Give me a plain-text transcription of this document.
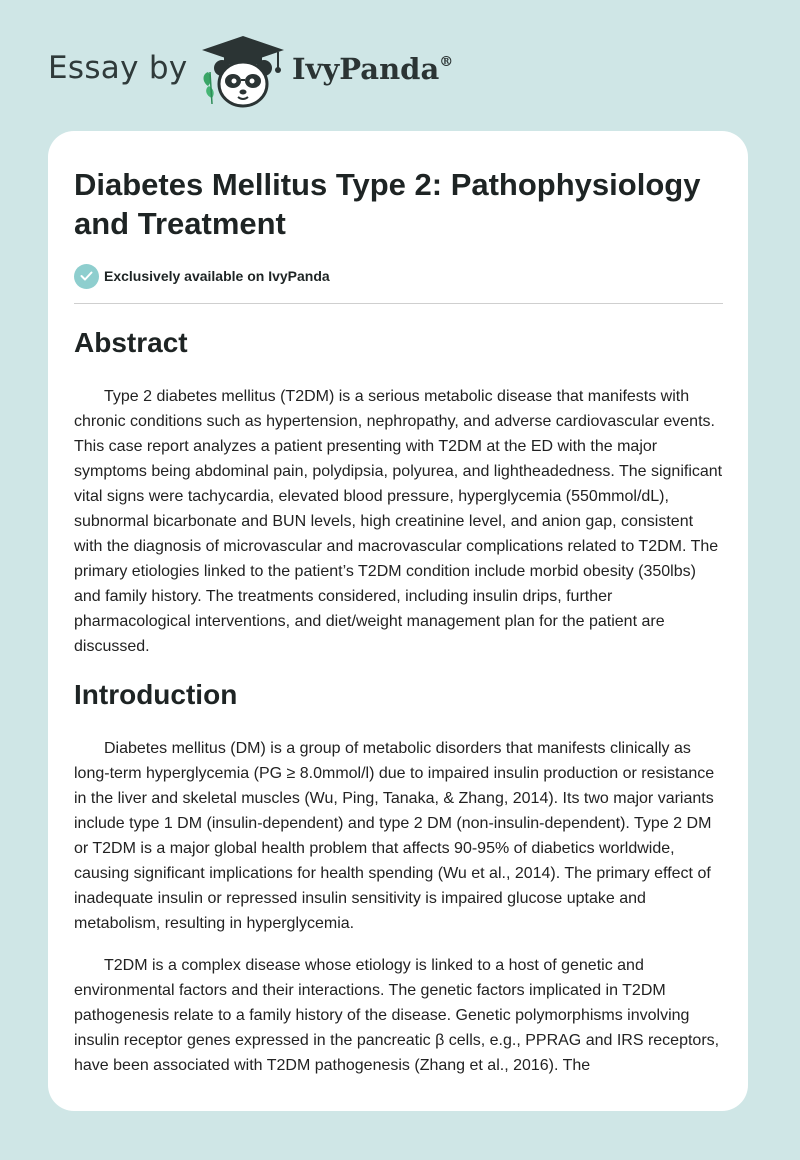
Essay by	IvyPanda®
Diabetes Mellitus Type 2: Pathophysiology and Treatment
Exclusively available on IvyPanda
Abstract

Type 2 diabetes mellitus (T2DM) is a serious metabolic disease that manifests with chronic conditions such as hypertension, nephropathy, and adverse cardiovascular events. This case report analyzes a patient presenting with T2DM at the ED with the major symptoms being abdominal pain, polydipsia, polyurea, and lightheadedness. The significant vital signs were tachycardia, elevated blood pressure, hyperglycemia (550mmol/dL), subnormal bicarbonate and BUN levels, high creatinine level, and anion gap, consistent with the diagnosis of microvascular and macrovascular complications related to T2DM. The primary etiologies linked to the patient’s T2DM condition include morbid obesity (350lbs) and family history. The treatments considered, including insulin drips, further pharmacological interventions, and diet/weight management plan for the patient are discussed.

Introduction

Diabetes mellitus (DM) is a group of metabolic disorders that manifests clinically as long-term hyperglycemia (PG ≥ 8.0mmol/l) due to impaired insulin production or resistance in the liver and skeletal muscles (Wu, Ping, Tanaka, & Zhang, 2014). Its two major variants include type 1 DM (insulin-dependent) and type 2 DM (non-insulin-dependent). Type 2 DM or T2DM is a major global health problem that affects 90-95% of diabetics worldwide, causing significant implications for health spending (Wu et al., 2014). The primary effect of inadequate insulin or repressed insulin sensitivity is impaired glucose uptake and metabolism, resulting in hyperglycemia.

T2DM is a complex disease whose etiology is linked to a host of genetic and environmental factors and their interactions. The genetic factors implicated in T2DM pathogenesis relate to a family history of the disease. Genetic polymorphisms involving insulin receptor genes expressed in the pancreatic β cells, e.g., PPRAG and IRS receptors, have been associated with T2DM pathogenesis (Zhang et al., 2016). The
